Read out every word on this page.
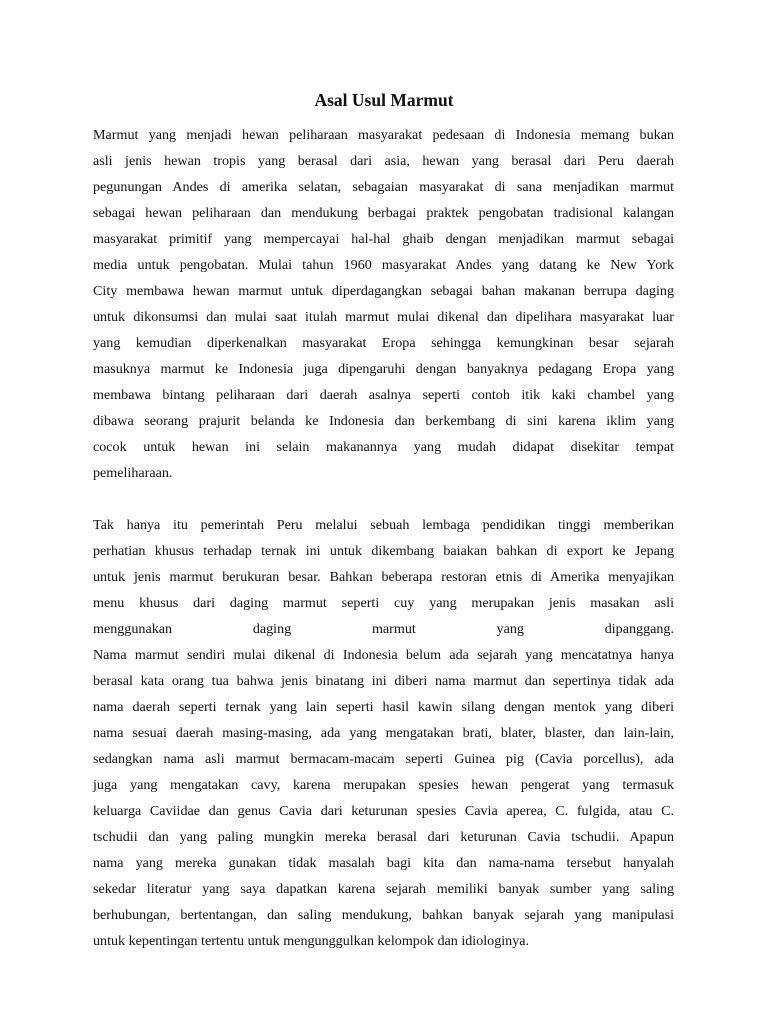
Asal Usul Marmut
Marmut yang menjadi hewan peliharaan masyarakat pedesaan di Indonesia memang bukan
asli jenis hewan tropis yang berasal dari asia, hewan yang berasal dari Peru daerah
pegunungan Andes di amerika selatan, sebagaian masyarakat di sana menjadikan marmut
sebagai hewan peliharaan dan mendukung berbagai praktek pengobatan tradisional kalangan
masyarakat primitif yang mempercayai hal-hal ghaib dengan menjadikan marmut sebagai
media untuk pengobatan. Mulai tahun 1960 masyarakat Andes yang datang ke New York
City membawa hewan marmut untuk diperdagangkan sebagai bahan makanan berrupa daging
untuk dikonsumsi dan mulai saat itulah marmut mulai dikenal dan dipelihara masyarakat luar
yang kemudian diperkenalkan masyarakat Eropa sehingga kemungkinan besar sejarah
masuknya marmut ke Indonesia juga dipengaruhi dengan banyaknya pedagang Eropa yang
membawa bintang peliharaan dari daerah asalnya seperti contoh itik kaki chambel yang
dibawa seorang prajurit belanda ke Indonesia dan berkembang di sini karena iklim yang
cocok untuk hewan ini selain makanannya yang mudah didapat disekitar tempat
pemeliharaan.
Tak hanya itu pemerintah Peru melalui sebuah lembaga pendidikan tinggi memberikan
perhatian khusus terhadap ternak ini untuk dikembang baiakan bahkan di export ke Jepang
untuk jenis marmut berukuran besar. Bahkan beberapa restoran etnis di Amerika menyajikan
menu khusus dari daging marmut seperti cuy yang merupakan jenis masakan asli
menggunakan daging marmut yang dipanggang.
Nama marmut sendiri mulai dikenal di Indonesia belum ada sejarah yang mencatatnya hanya
berasal kata orang tua bahwa jenis binatang ini diberi nama marmut dan sepertinya tidak ada
nama daerah seperti ternak yang lain seperti hasil kawin silang dengan mentok yang diberi
nama sesuai daerah masing-masing, ada yang mengatakan brati, blater, blaster, dan lain-lain,
sedangkan nama asli marmut bermacam-macam seperti Guinea pig (Cavia porcellus), ada
juga yang mengatakan cavy, karena merupakan spesies hewan pengerat yang termasuk
keluarga Caviidae dan genus Cavia dari keturunan spesies Cavia aperea, C. fulgida, atau C.
tschudii dan yang paling mungkin mereka berasal dari keturunan Cavia tschudii. Apapun
nama yang mereka gunakan tidak masalah bagi kita dan nama-nama tersebut hanyalah
sekedar literatur yang saya dapatkan karena sejarah memiliki banyak sumber yang saling
berhubungan, bertentangan, dan saling mendukung, bahkan banyak sejarah yang manipulasi
untuk kepentingan tertentu untuk mengunggulkan kelompok dan idiologinya.
